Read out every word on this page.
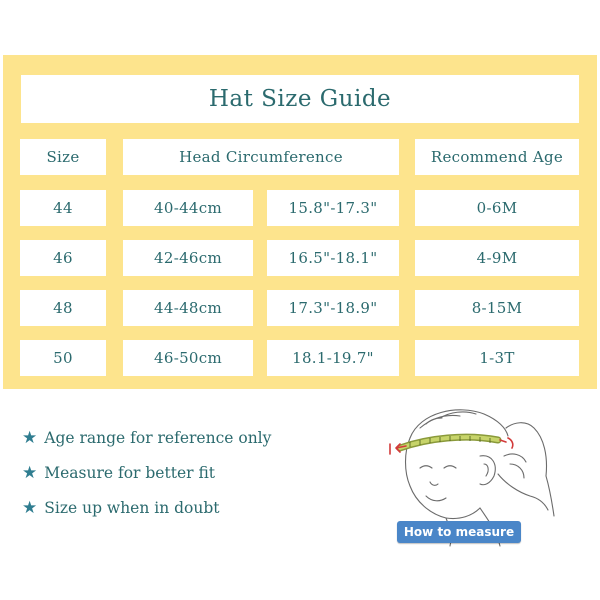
Hat Size Guide
Size	Head Circumference	Recommend Age
44	40-44cm	15.8"-17.3"	0-6M
46	42-46cm	16.5"-18.1"	4-9M
48	44-48cm	17.3"-18.9"	8-15M
50	46-50cm	18.1-19.7"	1-3T
★ Age range for reference only
★ Measure for better fit
★ Size up when in doubt
How to measure
